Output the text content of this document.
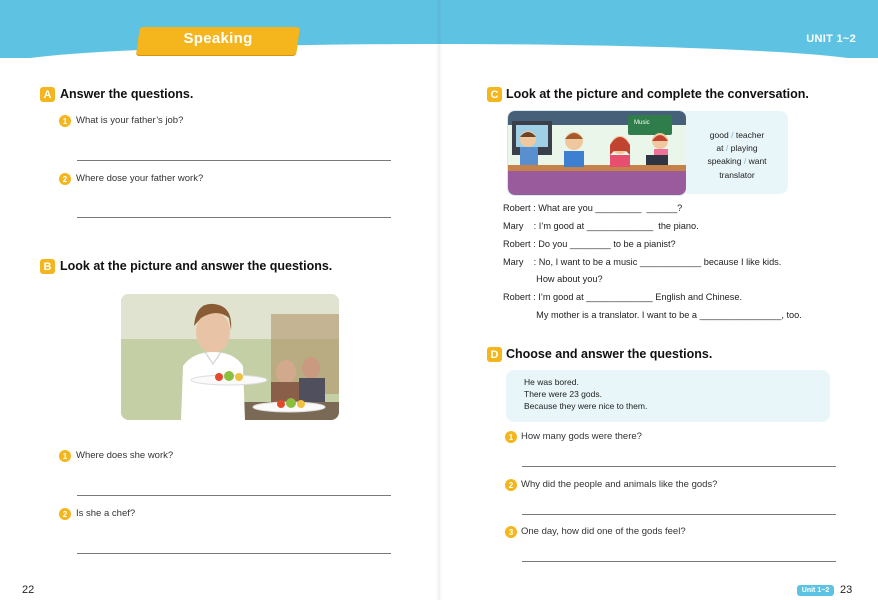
Speaking	UNIT 1~2
A Answer the questions.
1 What is your father’s job?
2 Where dose your father work?
B Look at the picture and answer the questions.
1 Where does she work?
2 Is she a chef?
C Look at the picture and complete the conversation.
Music
good / teacher
at / playing
speaking / want
translator
Robert : What are you _________  ______?
Mary    : I’m good at _____________  the piano.
Robert : Do you ________ to be a pianist?
Mary    : No, I want to be a music ____________ because I like kids.
How about you?
Robert : I’m good at _____________ English and Chinese.
My mother is a translator. I want to be a ________________, too.
D Choose and answer the questions.
He was bored.
There were 23 gods.
Because they were nice to them.
1 How many gods were there?
2 Why did the people and animals like the gods?
3 One day, how did one of the gods feel?
22	Unit 1~2 23
